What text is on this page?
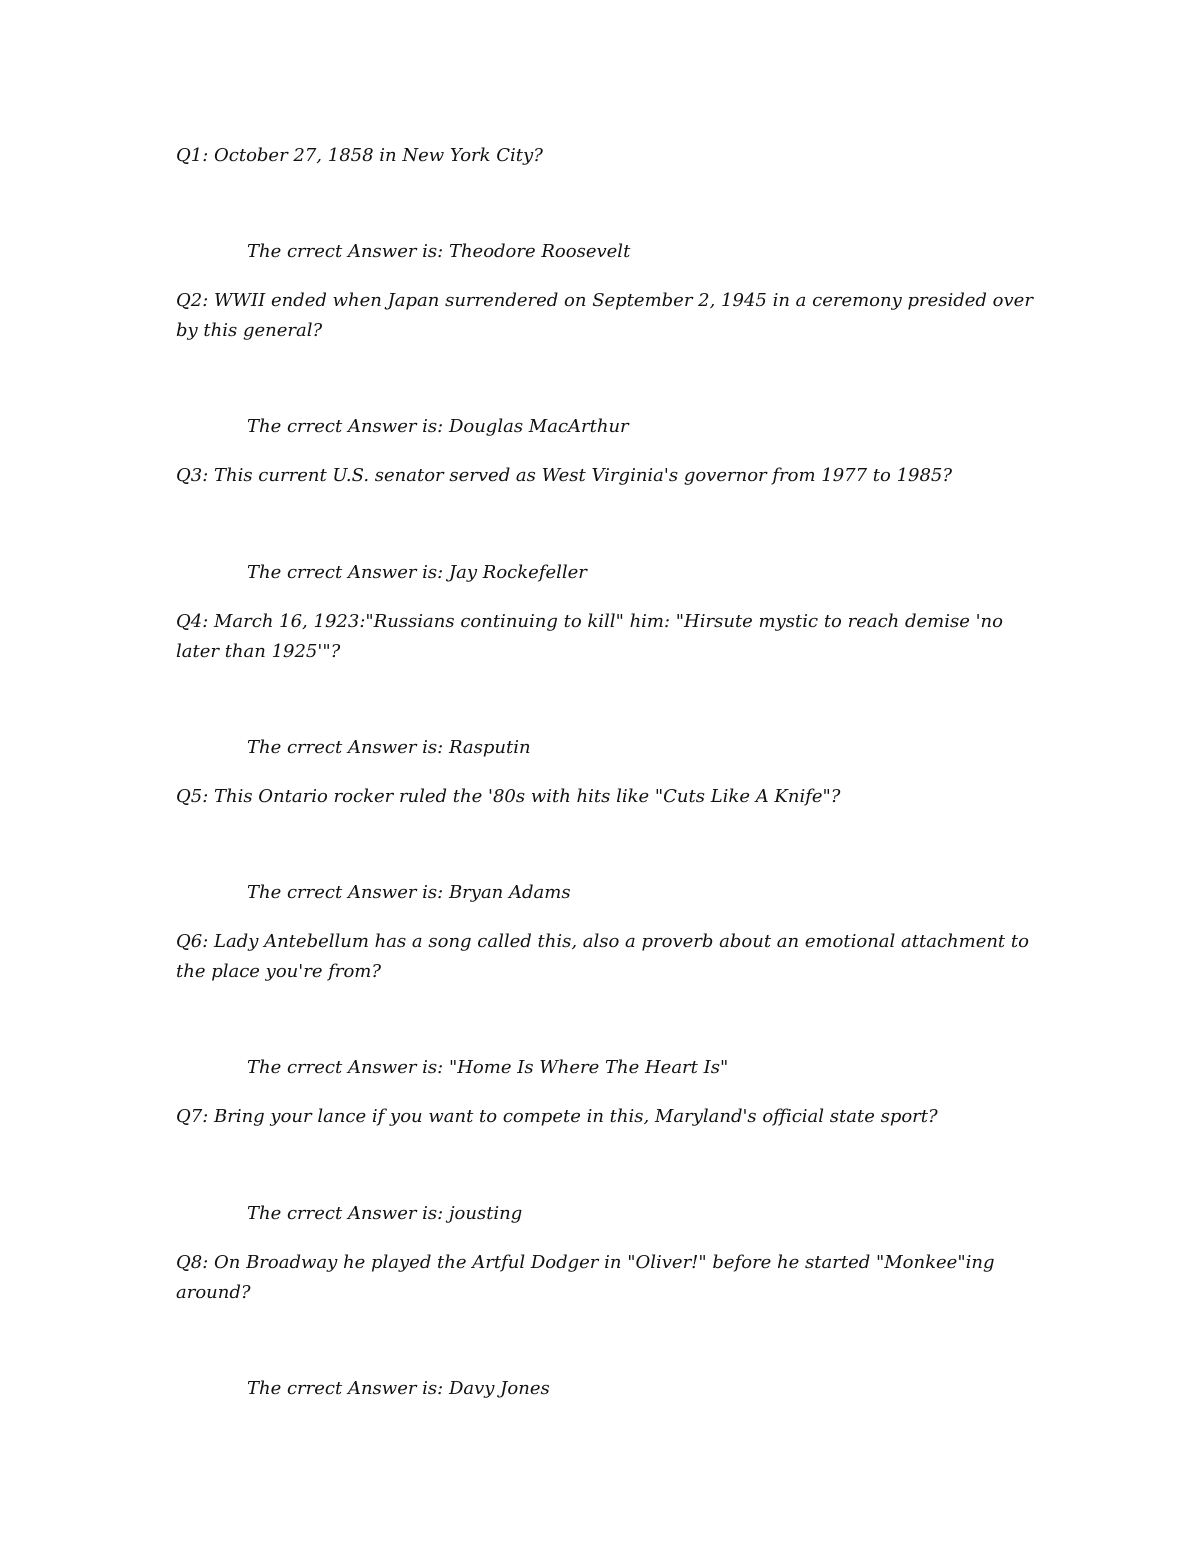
Q1: October 27, 1858 in New York City?

The crrect Answer is: Theodore Roosevelt

Q2: WWII ended when Japan surrendered on September 2, 1945 in a ceremony presided over by this general?

The crrect Answer is: Douglas MacArthur

Q3: This current U.S. senator served as West Virginia's governor from 1977 to 1985?

The crrect Answer is: Jay Rockefeller

Q4: March 16, 1923:"Russians continuing to kill" him: "Hirsute mystic to reach demise 'no later than 1925'"?

The crrect Answer is: Rasputin

Q5: This Ontario rocker ruled the '80s with hits like "Cuts Like A Knife"?

The crrect Answer is: Bryan Adams

Q6: Lady Antebellum has a song called this, also a proverb about an emotional attachment to the place you're from?

The crrect Answer is: "Home Is Where The Heart Is"

Q7: Bring your lance if you want to compete in this, Maryland's official state sport?

The crrect Answer is: jousting

Q8: On Broadway he played the Artful Dodger in "Oliver!" before he started "Monkee"ing around?

The crrect Answer is: Davy Jones
